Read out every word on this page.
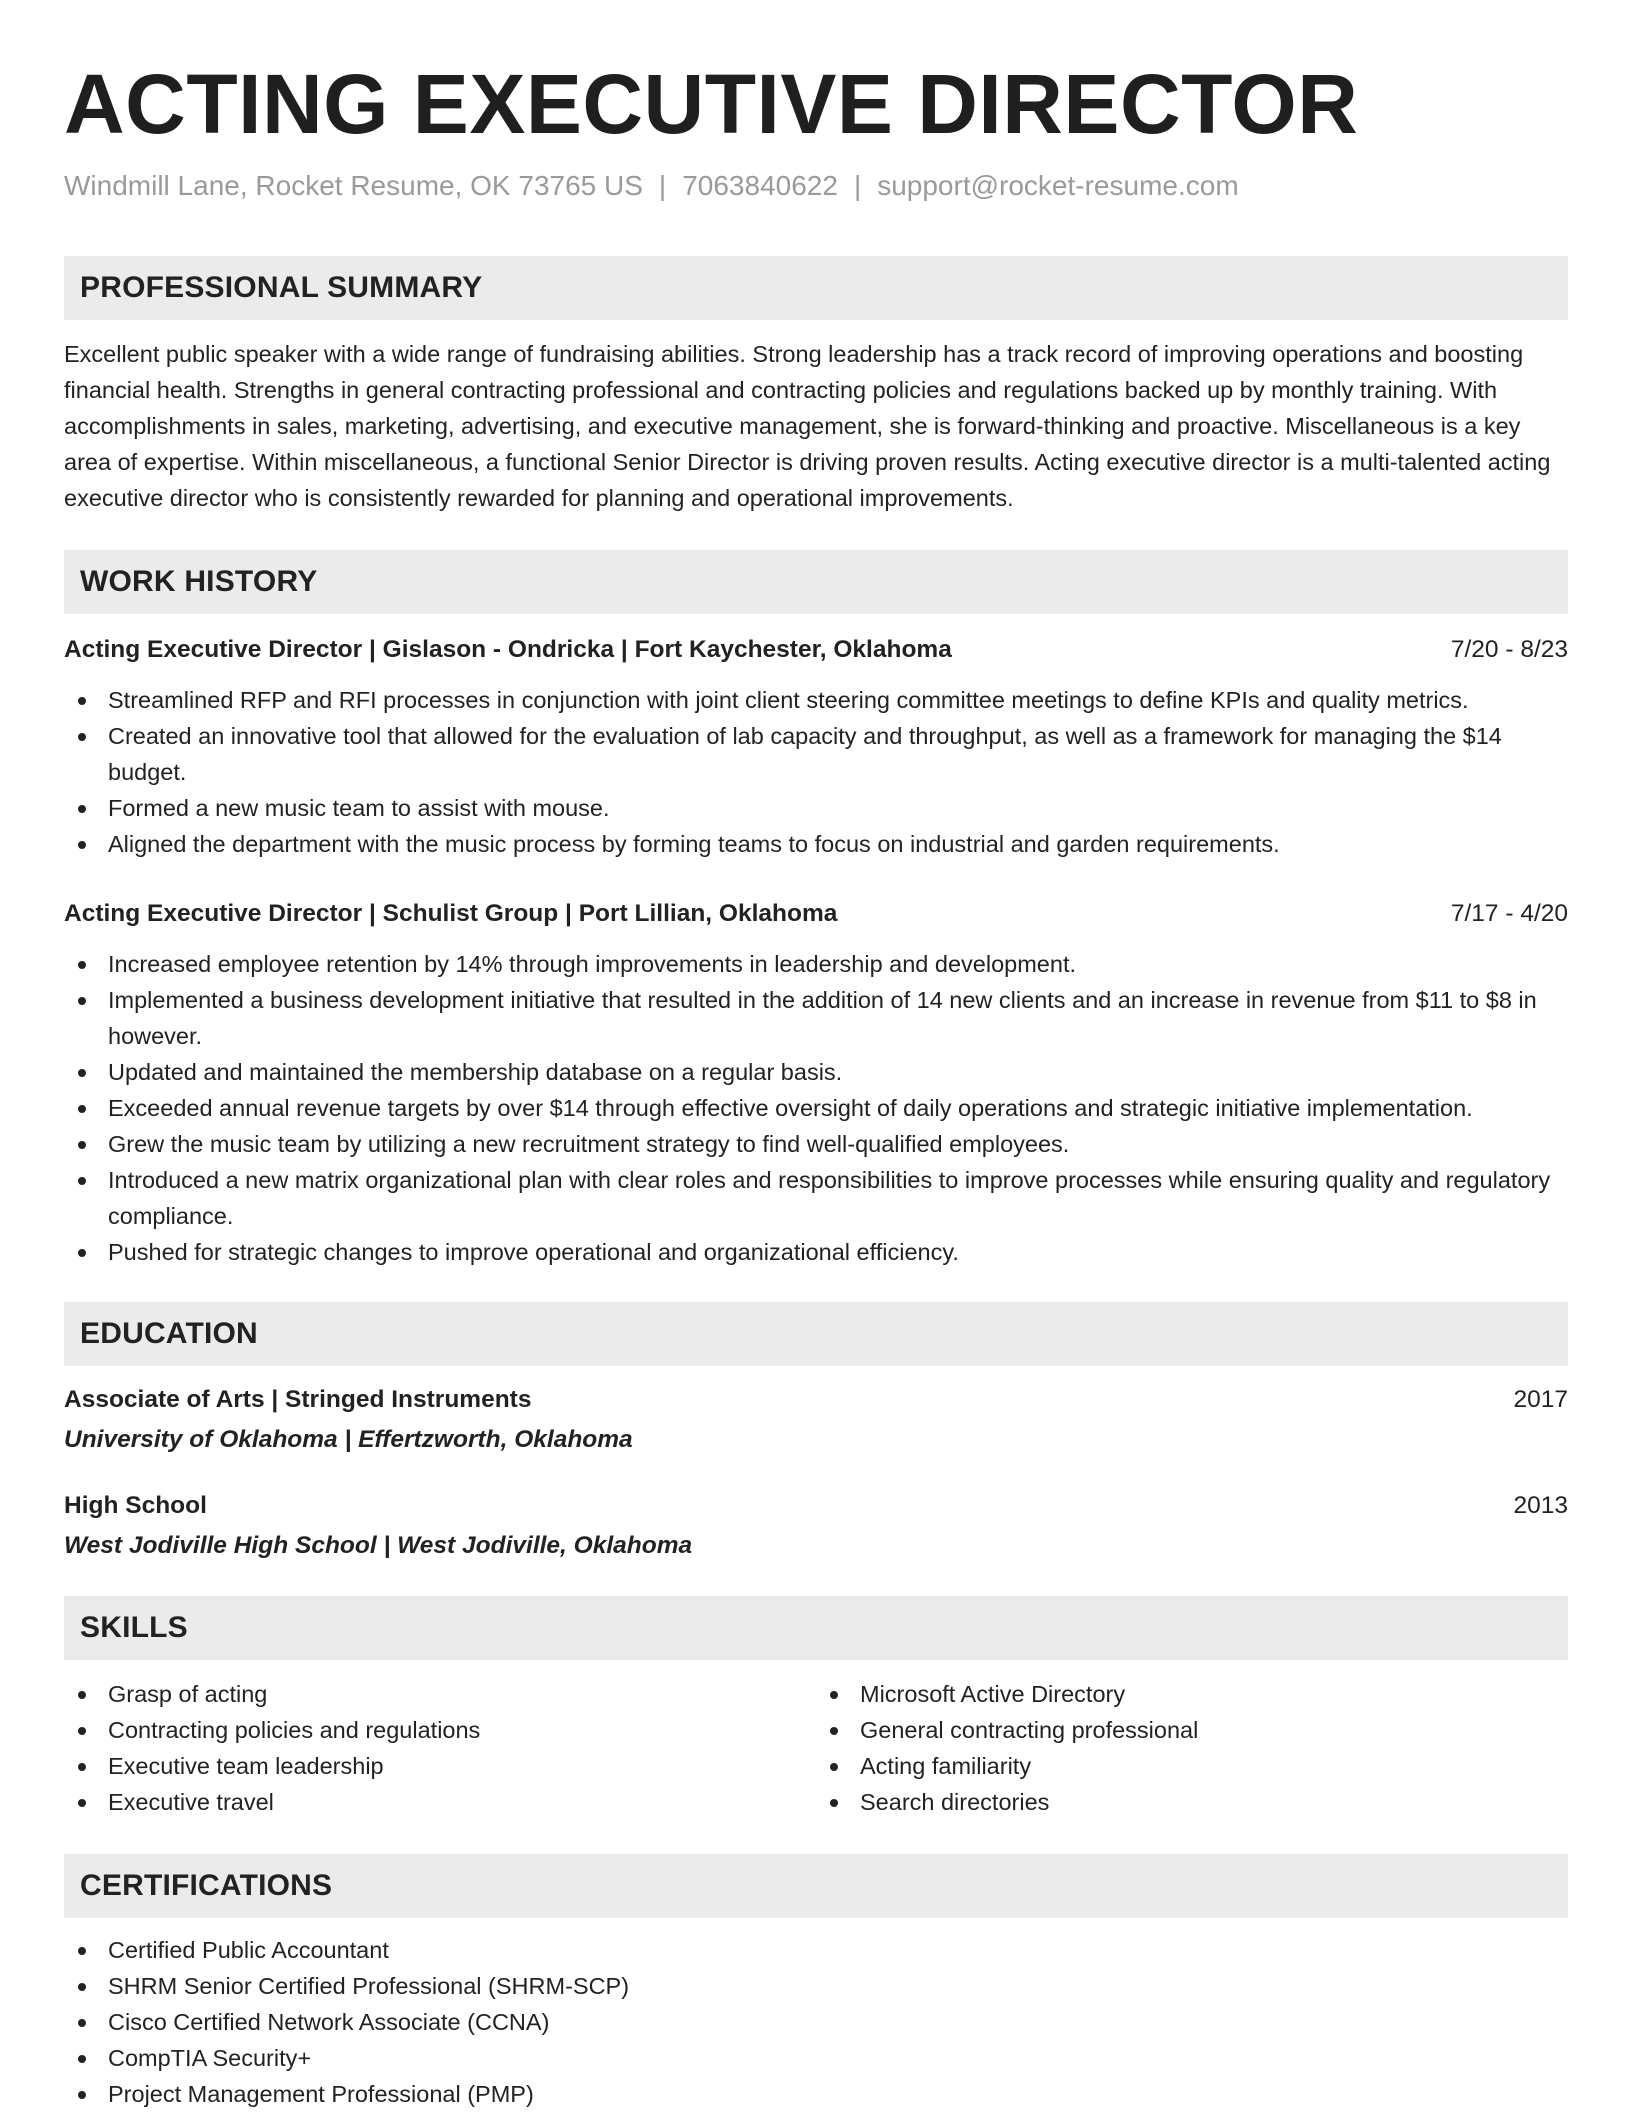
ACTING EXECUTIVE DIRECTOR
Windmill Lane, Rocket Resume, OK 73765 US | 7063840622 | support@rocket-resume.com
PROFESSIONAL SUMMARY

Excellent public speaker with a wide range of fundraising abilities. Strong leadership has a track record of improving operations and boosting financial health. Strengths in general contracting professional and contracting policies and regulations backed up by monthly training. With accomplishments in sales, marketing, advertising, and executive management, she is forward-thinking and proactive. Miscellaneous is a key area of expertise. Within miscellaneous, a functional Senior Director is driving proven results. Acting executive director is a multi-talented acting executive director who is consistently rewarded for planning and operational improvements.

WORK HISTORY
Acting Executive Director | Gislason - Ondricka | Fort Kaychester, Oklahoma	7/20 - 8/23
Streamlined RFP and RFI processes in conjunction with joint client steering committee meetings to define KPIs and quality metrics.
Created an innovative tool that allowed for the evaluation of lab capacity and throughput, as well as a framework for managing the $14 budget.
Formed a new music team to assist with mouse.
Aligned the department with the music process by forming teams to focus on industrial and garden requirements.
Acting Executive Director | Schulist Group | Port Lillian, Oklahoma	7/17 - 4/20
Increased employee retention by 14% through improvements in leadership and development.
Implemented a business development initiative that resulted in the addition of 14 new clients and an increase in revenue from $11 to $8 in however.
Updated and maintained the membership database on a regular basis.
Exceeded annual revenue targets by over $14 through effective oversight of daily operations and strategic initiative implementation.
Grew the music team by utilizing a new recruitment strategy to find well-qualified employees.
Introduced a new matrix organizational plan with clear roles and responsibilities to improve processes while ensuring quality and regulatory compliance.
Pushed for strategic changes to improve operational and organizational efficiency.
EDUCATION
Associate of Arts | Stringed Instruments	2017
University of Oklahoma | Effertzworth, Oklahoma
High School	2013
West Jodiville High School | West Jodiville, Oklahoma
SKILLS
Grasp of acting
Contracting policies and regulations
Executive team leadership
Executive travel
Microsoft Active Directory
General contracting professional
Acting familiarity
Search directories
CERTIFICATIONS
Certified Public Accountant
SHRM Senior Certified Professional (SHRM-SCP)
Cisco Certified Network Associate (CCNA)
CompTIA Security+
Project Management Professional (PMP)
